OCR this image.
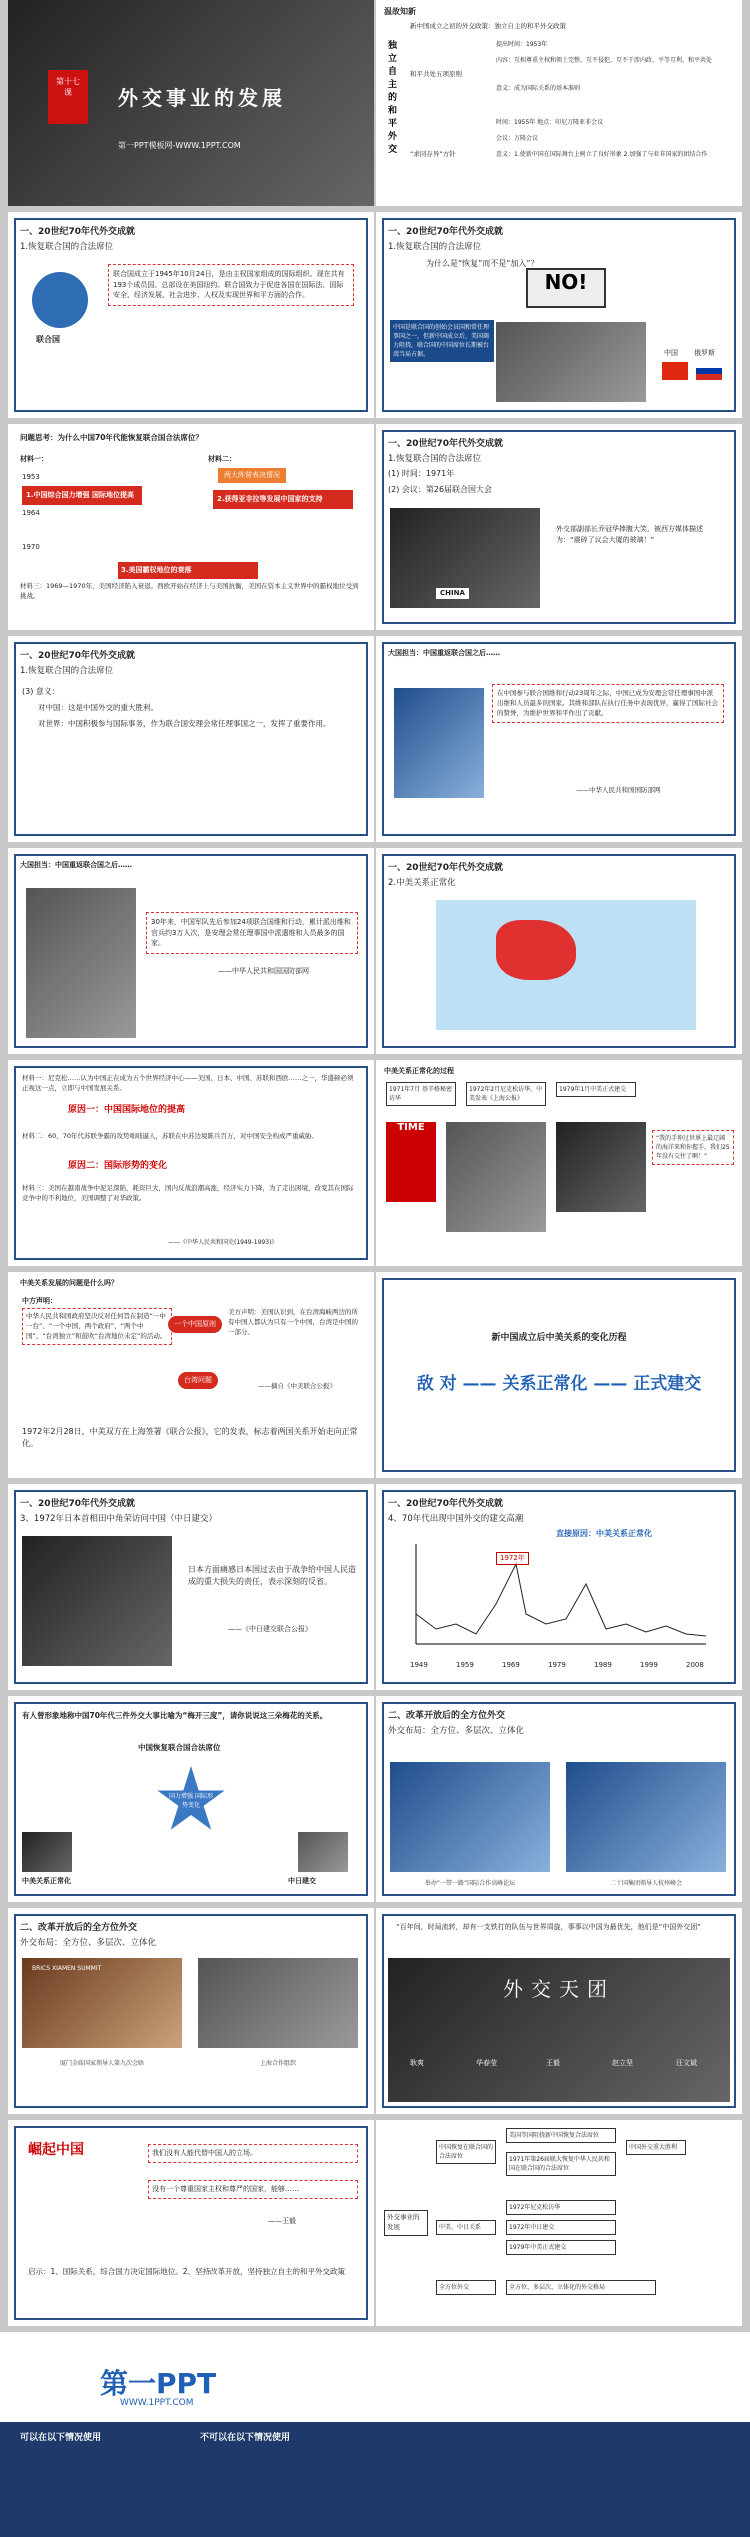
第十七
课	外交事业的发展
第一PPT模板网-WWW.1PPT.COM
温故知新
独
立
自
主
的
和
平
外
交
新中国成立之初的外交政策：独立自主的和平外交政策
和平共处五项原则
提出时间：1953年
内容：互相尊重主权和领土完整、互不侵犯、互不干涉内政、平等互利、和平共处
意义：成为国际关系的基本准则
“求同存异”方针
时间：1955年 地点：印尼万隆亚非会议
会议：万隆会议
意义：1.使新中国在国际舞台上树立了良好形象 2.加强了与亚非国家的团结合作
一、20世纪70年代外交成就
1.恢复联合国的合法席位
联合国
联合国成立于1945年10月24日，是由主权国家组成的国际组织。现在共有193个成员国。总部设在美国纽约。联合国致力于促进各国在国际法、国际安全、经济发展、社会进步、人权及实现世界和平方面的合作。
一、20世纪70年代外交成就
1.恢复联合国的合法席位
为什么是“恢复”而不是“加入”？
NO!
中国是联合国的创始会员国和常任理事国之一，但新中国成立后，美国竭力阻挠，联合国的中国席位长期被台湾当局占据。	中国 俄罗斯
问题思考：为什么中国70年代能恢复联合国合法席位？
材料一：	材料二：
1953
1964
1970
1.中国综合国力增强 国际地位提高	2.获得亚非拉等发展中国家的支持
两大阵营表决情况
3.美国霸权地位的衰落
材料三：1969—1970年，美国经济陷入衰退。西欧开始在经济上与美国抗衡，美国在资本主义世界中的霸权地位受到挑战。
一、20世纪70年代外交成就
1.恢复联合国的合法席位
(1) 时间：1971年
(2) 会议：第26届联合国大会
CHINA
外交部副部长乔冠华捧腹大笑，被西方媒体描述为：“震碎了议会大厦的玻璃！”
一、20世纪70年代外交成就
1.恢复联合国的合法席位
(3) 意义：
对中国：这是中国外交的重大胜利。
对世界：中国积极参与国际事务，作为联合国安理会常任理事国之一，发挥了重要作用。
大国担当：中国重返联合国之后……
在中国参与联合国维和行动23周年之际，中国已成为安理会常任理事国中派出维和人员最多的国家。其维和部队在执行任务中表现优异，赢得了国际社会的赞誉，为维护世界和平作出了贡献。
——中华人民共和国国防部网
大国担当：中国重返联合国之后……
30年来，中国军队先后参加24项联合国维和行动，累计派出维和官兵约3万人次，是安理会常任理事国中派遣维和人员最多的国家。
——中华人民共和国国防部网
一、20世纪70年代外交成就
2.中美关系正常化
材料一：尼克松……认为中国正在成为五个世界经济中心——美国、日本、中国、苏联和西欧……之一，华盛顿必须正视这一点，立即与中国发展关系。
原因一：中国国际地位的提高
材料二：60、70年代苏联争霸的攻势咄咄逼人，苏联在中苏边境陈兵百万，对中国安全构成严重威胁。
原因二：国际形势的变化
材料三：美国在越南战争中泥足深陷，耗资巨大，国内反战浪潮高涨，经济实力下降，为了走出困境，改变其在国际竞争中的不利地位，美国调整了对华政策。
——《中华人民共和国史(1949-1993)》
中美关系正常化的过程
1971年7月 基辛格秘密访华
1972年2月尼克松访华，中美发表《上海公报》
1979年1月中美正式建交
TIME
“我的手伸过世界上最辽阔的海洋来和你握手，我们25年没有交往了啊！”
中美关系发展的问题是什么吗？
中方声明：
中华人民共和国政府坚决反对任何旨在制造“一中一台”、“一个中国，两个政府”、“两个中国”、“台湾独立”和鼓吹“台湾地位未定”的活动。
一个中国原则
台湾问题
美方声明：美国认识到，在台湾海峡两边的所有中国人都认为只有一个中国，台湾是中国的一部分。
——摘自《中美联合公报》
1972年2月28日，中美双方在上海签署《联合公报》，它的发表，标志着两国关系开始走向正常化。
新中国成立后中美关系的变化历程
敌 对 —— 关系正常化 —— 正式建交
一、20世纪70年代外交成就
3、1972年日本首相田中角荣访问中国（中日建交）
日本方面痛感日本国过去由于战争给中国人民造成的重大损失的责任，表示深刻的反省。
——《中日建交联合公报》
一、20世纪70年代外交成就
4、70年代出现中国外交的建交高潮
直接原因：中美关系正常化
1972年
1949	1959	1969	1979	1989	1999	2008
有人曾形象地称中国70年代三件外交大事比喻为“梅开三度”，请你说说这三朵梅花的关系。
中国恢复联合国合法席位
国力增强 国际形势变化
中美关系正常化	中日建交
二、改革开放后的全方位外交
外交布局：全方位、多层次、立体化
举办“一带一路”国际合作高峰论坛	二十国集团领导人杭州峰会
二、改革开放后的全方位外交
外交布局：全方位、多层次、立体化
BRICS XIAMEN SUMMIT
厦门金砖国家领导人第九次会晤	上海合作组织
“百年间，时局流转，却有一支铁打的队伍与世界周旋，事事以中国为最优先，他们是“中国外交团”
外交天团
耿爽	华春莹	王毅	赵立坚	汪文斌
崛起中国	我们没有人能代替中国人的立场。
没有一个尊重国家主权和尊严的国家，能够……
——王毅
启示：1、国际关系，综合国力决定国际地位。2、坚持改革开放，坚持独立自主的和平外交政策
外交事业的发展
中国恢复在联合国的合法席位
美国等国阻挠新中国恢复合法席位
1971年第26届联大恢复中华人民共和国在联合国的合法席位
中国外交重大胜利
中美、中日关系
1972年尼克松访华
1972年中日建交
1979年中美正式建交
全方位外交	全方位、多层次、立体化的外交格局
第一PPT
WWW.1PPT.COM
可以在以下情况使用	不可以在以下情况使用
